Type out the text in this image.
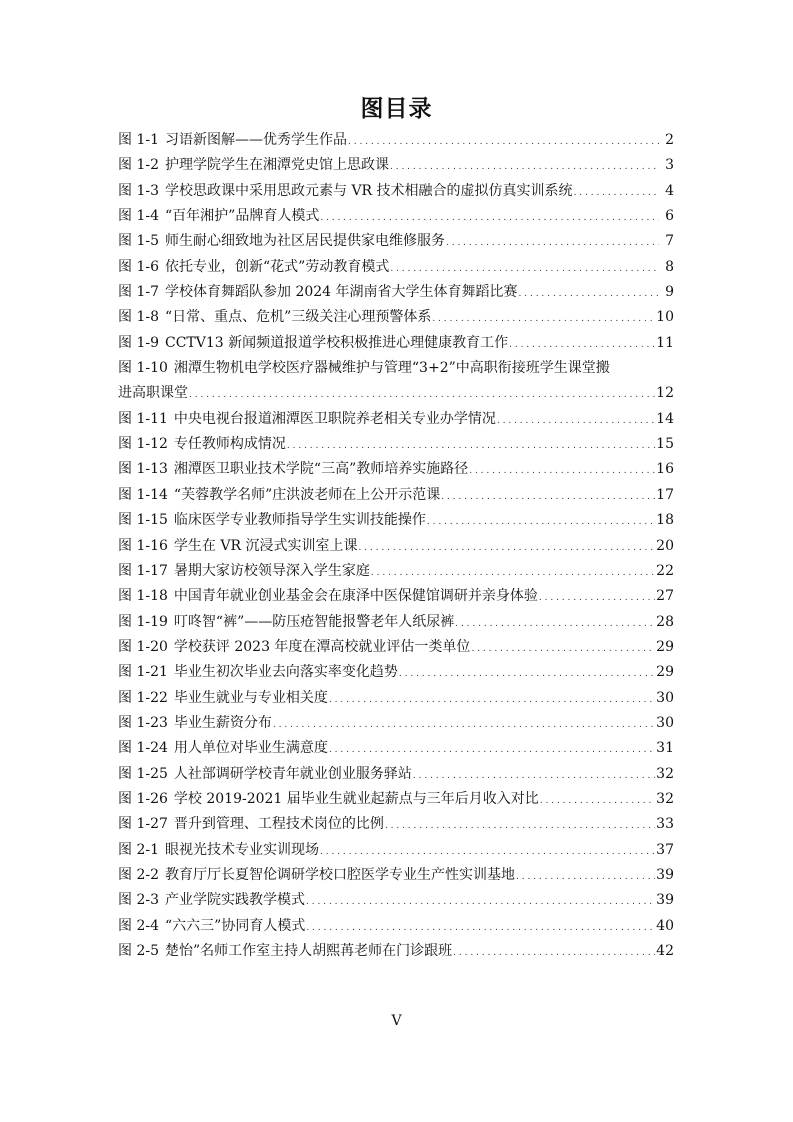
图目录
图 1-1 习语新图解——优秀学生作品 . . .	2
图 1-2 护理学院学生在湘潭党史馆上思政课 . . .	3
图 1-3 学校思政课中采用思政元素与 VR 技术相融合的虚拟仿真实训系统 . . .	4
图 1-4 “百年湘护”品牌育人模式 . . .	6
图 1-5 师生耐心细致地为社区居民提供家电维修服务 . . .	7
图 1-6 依托专业，创新“花式”劳动教育模式 . . .	8
图 1-7 学校体育舞蹈队参加 2024 年湖南省大学生体育舞蹈比赛 . . .	9
图 1-8 “日常、重点、危机”三级关注心理预警体系 . . .	10
图 1-9 CCTV13 新闻频道报道学校积极推进心理健康教育工作 . . .	11
图 1-10 湘潭生物机电学校医疗器械维护与管理“3+2”中高职衔接班学生课堂搬
进高职课堂 . . .	12
图 1-11 中央电视台报道湘潭医卫职院养老相关专业办学情况 . . .	14
图 1-12 专任教师构成情况 . . .	15
图 1-13 湘潭医卫职业技术学院“三高”教师培养实施路径 . . .	16
图 1-14 “芙蓉教学名师”庄洪波老师在上公开示范课 . . .	17
图 1-15 临床医学专业教师指导学生实训技能操作 . . .	18
图 1-16 学生在 VR 沉浸式实训室上课 . . .	20
图 1-17 暑期大家访校领导深入学生家庭 . . .	22
图 1-18 中国青年就业创业基金会在康泽中医保健馆调研并亲身体验 . . .	27
图 1-19 叮咚智“裤”——防压疮智能报警老年人纸尿裤 . . .	28
图 1-20 学校获评 2023 年度在潭高校就业评估一类单位 . . .	29
图 1-21 毕业生初次毕业去向落实率变化趋势 . . .	29
图 1-22 毕业生就业与专业相关度 . . .	30
图 1-23 毕业生薪资分布 . . .	30
图 1-24 用人单位对毕业生满意度 . . .	31
图 1-25 人社部调研学校青年就业创业服务驿站 . . .	32
图 1-26 学校 2019-2021 届毕业生就业起薪点与三年后月收入对比 . . .	32
图 1-27 晋升到管理、工程技术岗位的比例 . . .	33
图 2-1 眼视光技术专业实训现场 . . .	37
图 2-2 教育厅厅长夏智伦调研学校口腔医学专业生产性实训基地 . . .	39
图 2-3 产业学院实践教学模式 . . .	39
图 2-4 “六六三”协同育人模式 . . .	40
图 2-5 楚怡”名师工作室主持人胡熙苒老师在门诊跟班 . . .	42
V
